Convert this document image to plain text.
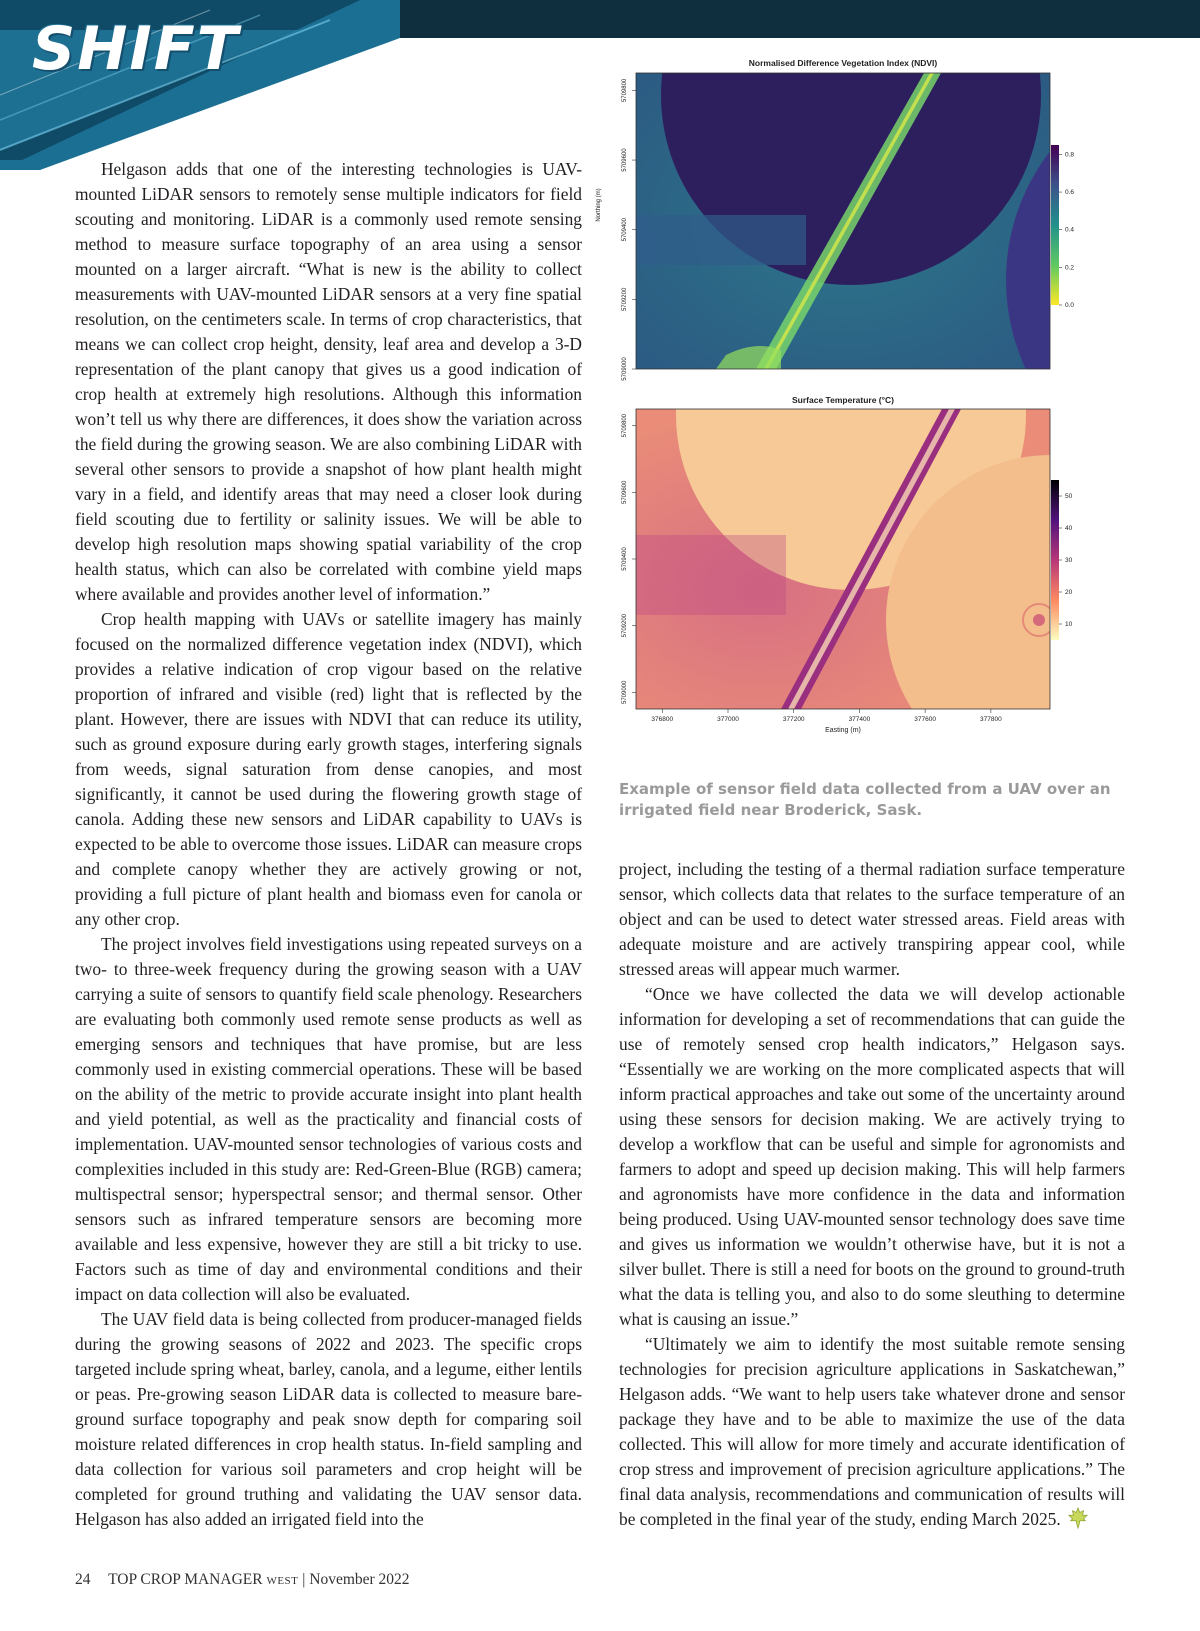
SHIFT

Helgason adds that one of the interesting technologies is UAV-mounted LiDAR sensors to remotely sense multiple indicators for field scouting and monitoring. LiDAR is a commonly used remote sensing method to measure surface topography of an area using a sensor mounted on a larger aircraft. “What is new is the ability to collect measurements with UAV-mounted LiDAR sensors at a very fine spatial resolution, on the centimeters scale. In terms of crop characteristics, that means we can collect crop height, density, leaf area and develop a 3-D representation of the plant canopy that gives us a good indication of crop health at extremely high resolutions. Although this information won’t tell us why there are differences, it does show the variation across the field during the growing season. We are also combining LiDAR with several other sensors to provide a snapshot of how plant health might vary in a field, and identify areas that may need a closer look during field scouting due to fertility or salinity issues. We will be able to develop high resolution maps showing spatial variability of the crop health status, which can also be correlated with combine yield maps where available and provides another level of information.”

Crop health mapping with UAVs or satellite imagery has mainly focused on the normalized difference vegetation index (NDVI), which provides a relative indication of crop vigour based on the relative proportion of infrared and visible (red) light that is reflected by the plant. However, there are issues with NDVI that can reduce its utility, such as ground exposure during early growth stages, interfering signals from weeds, signal saturation from dense canopies, and most significantly, it cannot be used during the flowering growth stage of canola. Adding these new sensors and LiDAR capability to UAVs is expected to be able to overcome those issues. LiDAR can measure crops and complete canopy whether they are actively growing or not, providing a full picture of plant health and biomass even for canola or any other crop.

The project involves field investigations using repeated surveys on a two- to three-week frequency during the growing season with a UAV carrying a suite of sensors to quantify field scale phenology. Researchers are evaluating both commonly used remote sense products as well as emerging sensors and techniques that have promise, but are less commonly used in existing commercial operations. These will be based on the ability of the metric to provide accurate insight into plant health and yield potential, as well as the practicality and financial costs of implementation. UAV-mounted sensor technologies of various costs and complexities included in this study are: Red-Green-Blue (RGB) camera; multispectral sensor; hyperspectral sensor; and thermal sensor. Other sensors such as infrared temperature sensors are becoming more available and less expensive, however they are still a bit tricky to use. Factors such as time of day and environmental conditions and their impact on data collection will also be evaluated.

The UAV field data is being collected from producer-managed fields during the growing seasons of 2022 and 2023. The specific crops targeted include spring wheat, barley, canola, and a legume, either lentils or peas. Pre-growing season LiDAR data is collected to measure bare-ground surface topography and peak snow depth for comparing soil moisture related differences in crop health status. In-field sampling and data collection for various soil parameters and crop height will be completed for ground truthing and validating the UAV sensor data. Helgason has also added an irrigated field into the

Normalised Difference Vegetation Index (NDVI)
5709000
5709200
5709400
5709600
5709800
Northing (m)
0.0
0.2
0.4
0.6
0.8
Surface Temperature (°C)
5709000
5709200
5709400
5709600
5709800
376800	377000	377200	377400	377600	377800
Easting (m)
10
20
30
40
50
Example of sensor field data collected from a UAV over an irrigated field near Broderick, Sask.

project, including the testing of a thermal radiation surface temperature sensor, which collects data that relates to the surface temperature of an object and can be used to detect water stressed areas. Field areas with adequate moisture and are actively transpiring appear cool, while stressed areas will appear much warmer.

“Once we have collected the data we will develop actionable information for developing a set of recommendations that can guide the use of remotely sensed crop health indicators,” Helgason says. “Essentially we are working on the more complicated aspects that will inform practical approaches and take out some of the uncertainty around using these sensors for decision making. We are actively trying to develop a workflow that can be useful and simple for agronomists and farmers to adopt and speed up decision making. This will help farmers and agronomists have more confidence in the data and information being produced. Using UAV-mounted sensor technology does save time and gives us information we wouldn’t otherwise have, but it is not a silver bullet. There is still a need for boots on the ground to ground-truth what the data is telling you, and also to do some sleuthing to determine what is causing an issue.”

“Ultimately we aim to identify the most suitable remote sensing technologies for precision agriculture applications in Saskatchewan,” Helgason adds. “We want to help users take whatever drone and sensor package they have and to be able to maximize the use of the data collected. This will allow for more timely and accurate identification of crop stress and improvement of precision agriculture applications.” The final data analysis, recommendations and communication of results will be completed in the final year of the study, ending March 2025.

24 TOP CROP MANAGER WEST | November 2022
